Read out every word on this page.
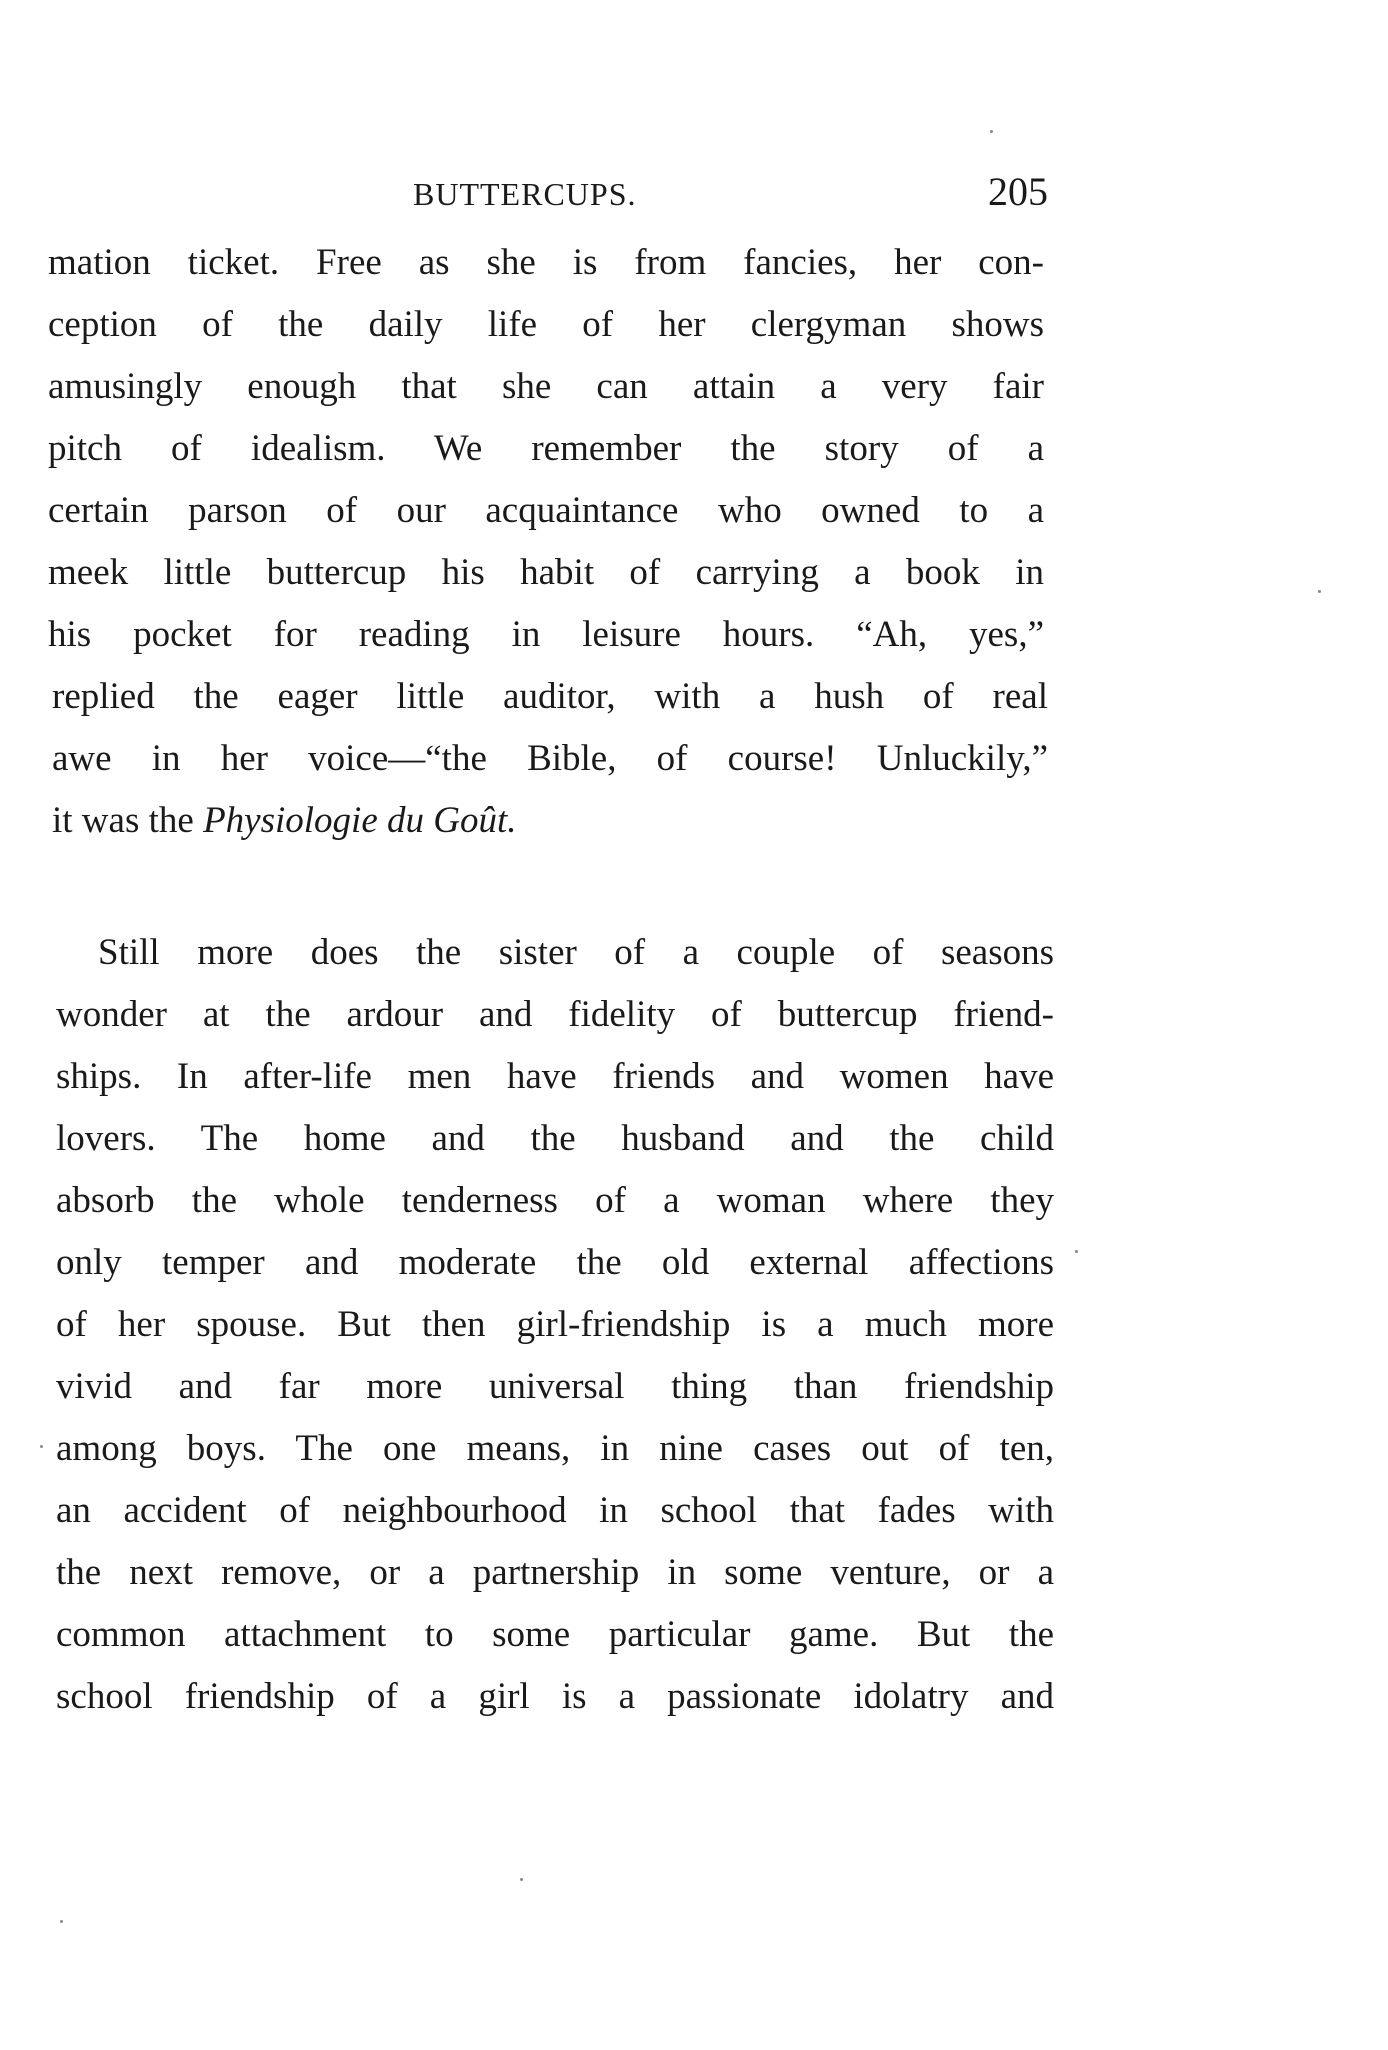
BUTTERCUPS.	205
mation ticket. Free as she is from fancies, her con-
ception of the daily life of her clergyman shows
amusingly enough that she can attain a very fair
pitch of idealism. We remember the story of a
certain parson of our acquaintance who owned to a
meek little buttercup his habit of carrying a book in
his pocket for reading in leisure hours. “Ah, yes,”
replied the eager little auditor, with a hush of real
awe in her voice—“the Bible, of course! Unluckily,”
it was the Physiologie du Goût.
Still more does the sister of a couple of seasons
wonder at the ardour and fidelity of buttercup friend-
ships. In after-life men have friends and women have
lovers. The home and the husband and the child
absorb the whole tenderness of a woman where they
only temper and moderate the old external affections
of her spouse. But then girl-friendship is a much more
vivid and far more universal thing than friendship
among boys. The one means, in nine cases out of ten,
an accident of neighbourhood in school that fades with
the next remove, or a partnership in some venture, or a
common attachment to some particular game. But the
school friendship of a girl is a passionate idolatry and
